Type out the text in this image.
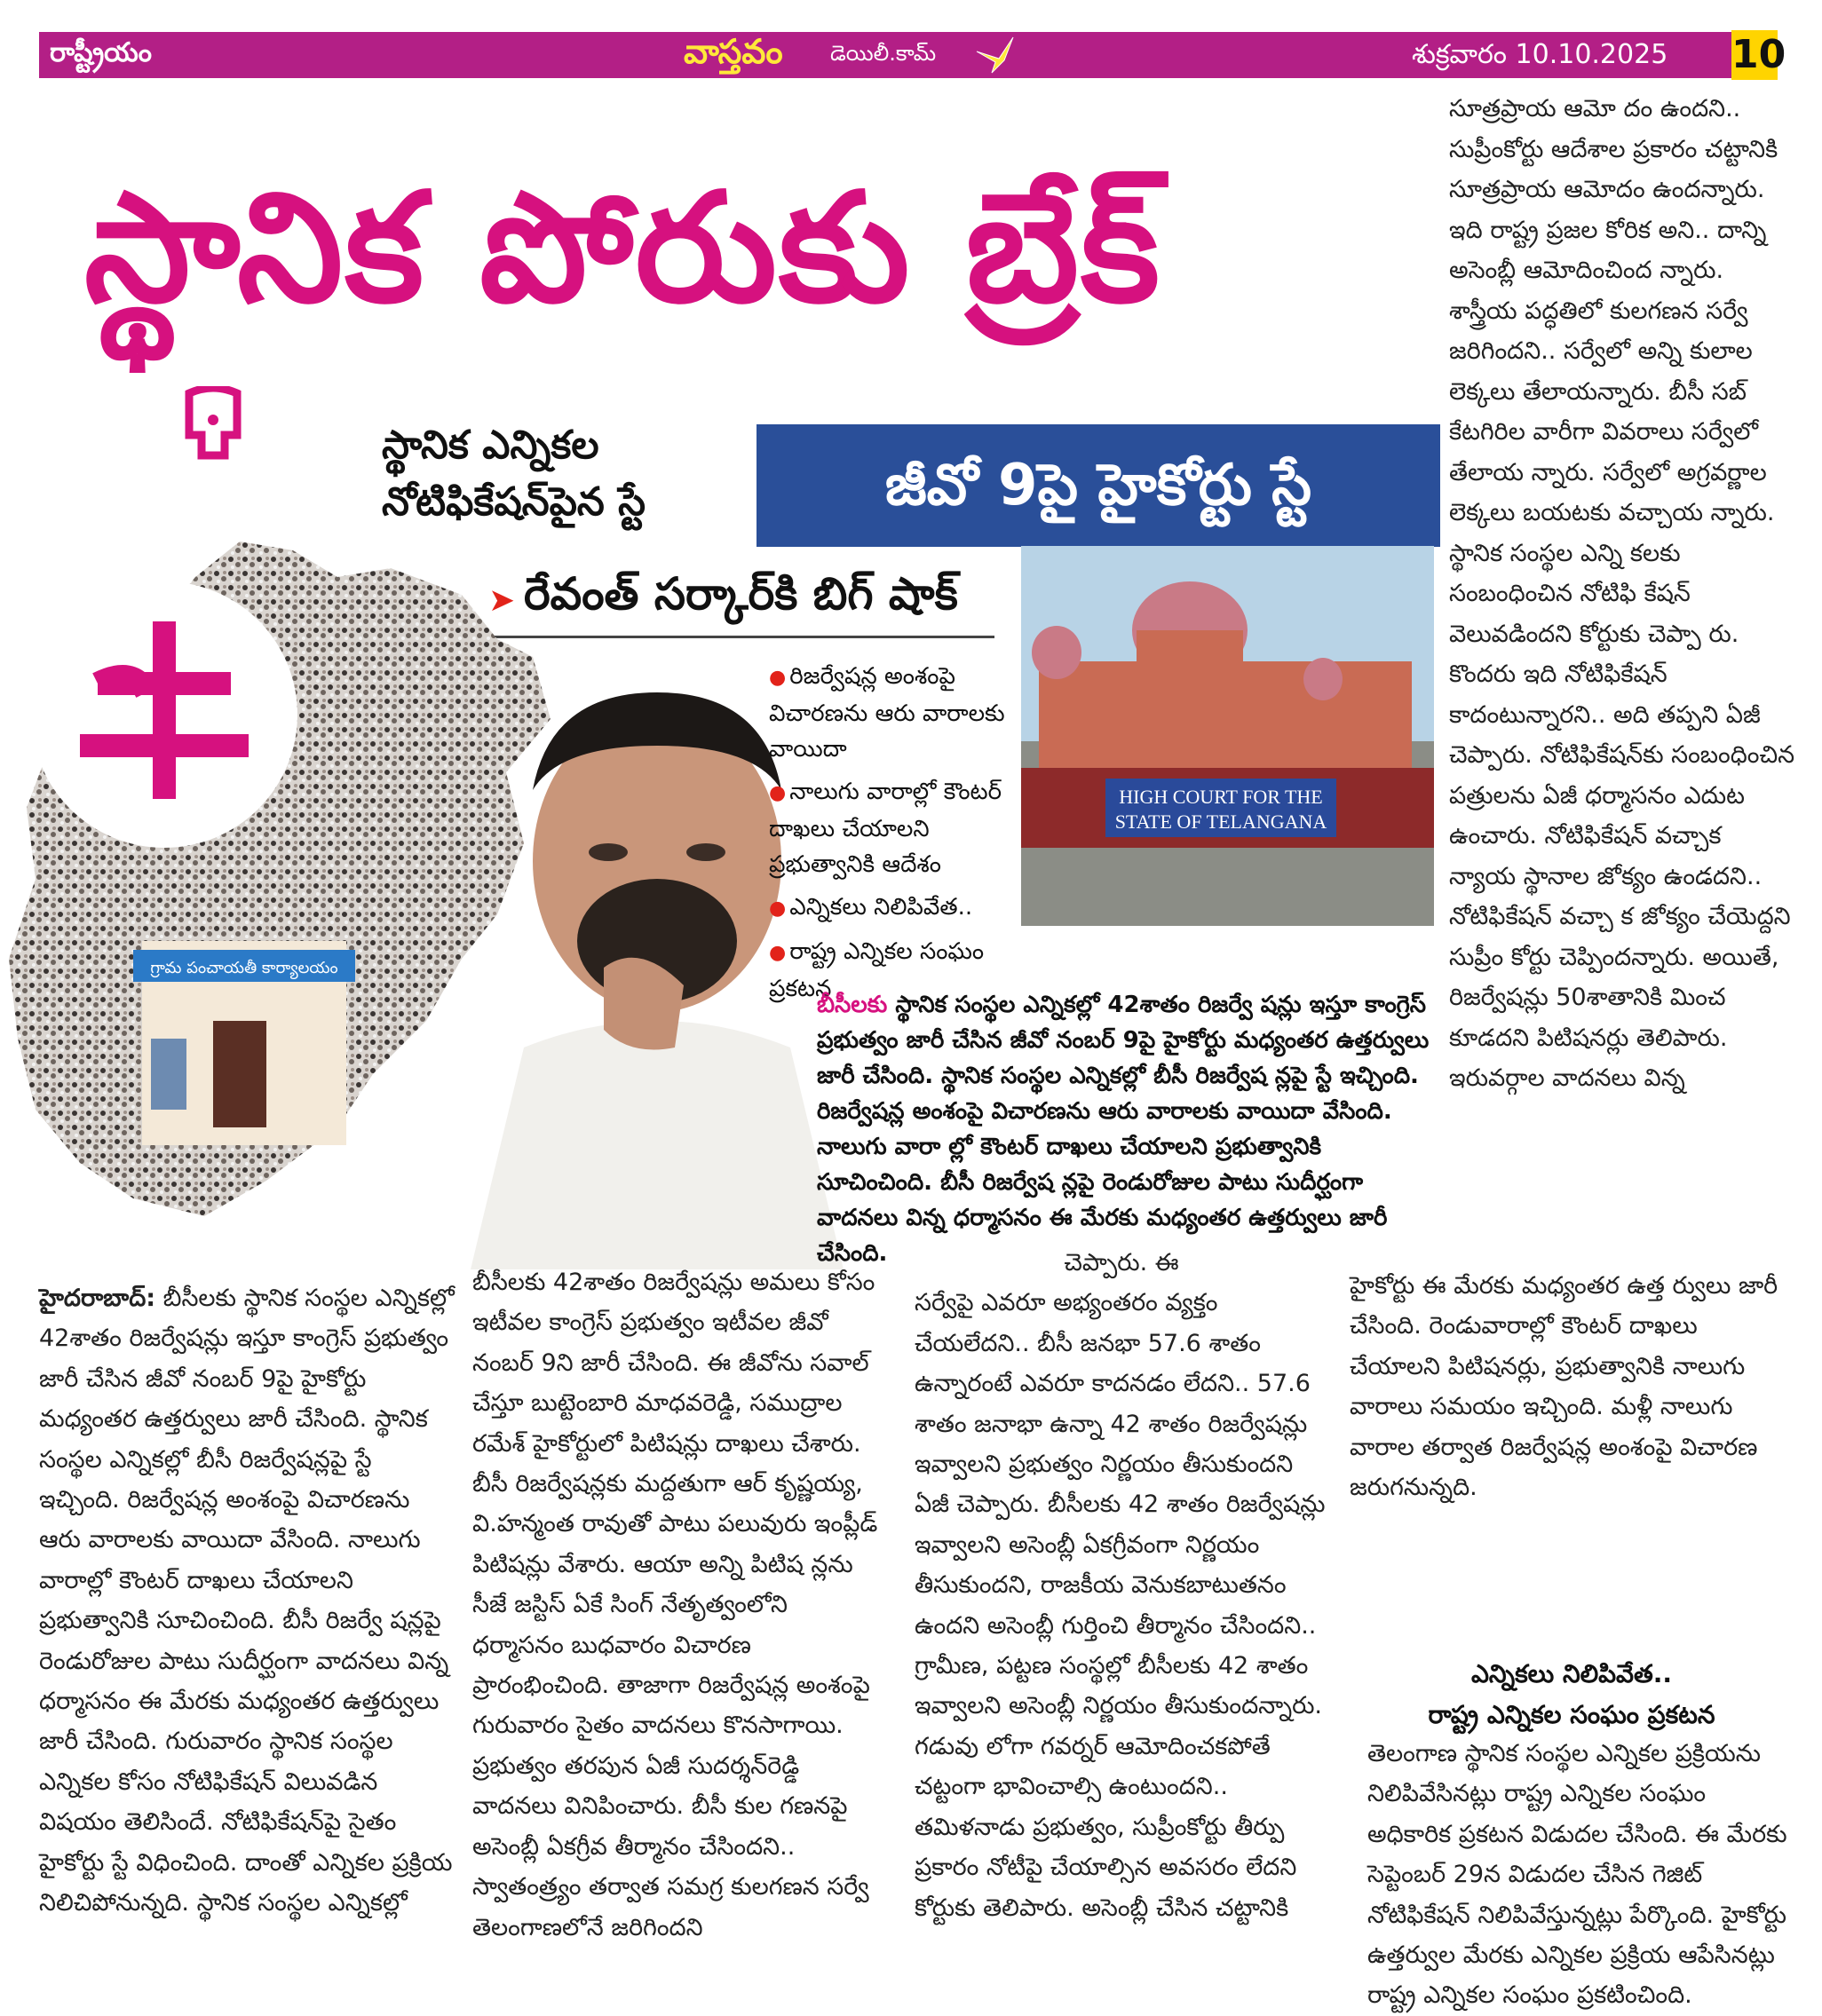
రాష్ట్రీయం	వాస్తవం డెయిలీ.కామ్	శుక్రవారం 10.10.2025 10
స్థానిక పోరుకు బ్రేక్
స్థానిక ఎన్నికల
నోటిఫికేషన్‌పైన స్టే	జీవో 9పై హైకోర్టు స్టే
➤ రేవంత్ సర్కార్‌కి బిగ్ షాక్
గ్రామ పంచాయతీ కార్యాలయం
HIGH COURT FOR THE
STATE OF TELANGANA
● రిజర్వేషన్ల అంశంపై విచారణను ఆరు వారాలకు వాయిదా
● నాలుగు వారాల్లో కౌంటర్ దాఖలు చేయాలని ప్రభుత్వానికి ఆదేశం
● ఎన్నికలు నిలిపివేత..
● రాష్ట్ర ఎన్నికల సంఘం ప్రకటన
బీసీలకు స్థానిక సంస్థల ఎన్నికల్లో 42శాతం రిజర్వే షన్లు ఇస్తూ కాంగ్రెస్ ప్రభుత్వం జారీ చేసిన జీవో నంబర్ 9పై హైకోర్టు మధ్యంతర ఉత్తర్వులు జారీ చేసింది. స్థానిక సంస్థల ఎన్నికల్లో బీసీ రిజర్వేష న్లపై స్టే ఇచ్చింది. రిజర్వేషన్ల అంశంపై విచారణను ఆరు వారాలకు వాయిదా వేసింది. నాలుగు వారా ల్లో కౌంటర్ దాఖలు చేయాలని ప్రభుత్వానికి సూచించింది. బీసీ రిజర్వేష న్లపై రెండురోజుల పాటు సుదీర్ఘంగా వాదనలు విన్న ధర్మాసనం ఈ మేరకు మధ్యంతర ఉత్తర్వులు జారీ చేసింది.
సూత్రప్రాయ ఆమో దం ఉందని.. సుప్రీంకోర్టు ఆదేశాల ప్రకారం చట్టానికి సూత్రప్రాయ ఆమోదం ఉందన్నారు. ఇది రాష్ట్ర ప్రజల కోరిక అని.. దాన్ని అసెంబ్లీ ఆమోదించింద న్నారు. శాస్త్రీయ పద్ధతిలో కులగణన సర్వే జరిగిందని.. సర్వేలో అన్ని కులాల లెక్కలు తేలాయన్నారు. బీసీ సబ్ కేటగిరిల వారీగా వివరాలు సర్వేలో తేలాయ న్నారు. సర్వేలో అగ్రవర్ణాల లెక్కలు బయటకు వచ్చాయ న్నారు. స్థానిక సంస్థల ఎన్ని కలకు సంబంధించిన నోటిఫి కేషన్ వెలువడిందని కోర్టుకు చెప్పా రు. కొందరు ఇది నోటిఫికేషన్ కాదంటున్నారని.. అది తప్పని ఏజీ చెప్పారు. నోటిఫికేషన్‌కు సంబంధించిన పత్రులను ఏజీ ధర్మాసనం ఎదుట ఉంచారు. నోటిఫికేషన్ వచ్చాక న్యాయ స్థానాల జోక్యం ఉండదని.. నోటిఫికేషన్ వచ్చా క జోక్యం చేయెద్దని సుప్రీం కోర్టు చెప్పిందన్నారు. అయితే, రిజర్వేషన్లు 50శాతానికి మించ కూడదని పిటిషనర్లు తెలిపారు. ఇరువర్గాల వాదనలు విన్న
హైదరాబాద్: బీసీలకు స్థానిక సంస్థల ఎన్నికల్లో 42శాతం రిజర్వేషన్లు ఇస్తూ కాంగ్రెస్ ప్రభుత్వం జారీ చేసిన జీవో నంబర్ 9పై హైకోర్టు మధ్యంతర ఉత్తర్వులు జారీ చేసింది. స్థానిక సంస్థల ఎన్నికల్లో బీసీ రిజర్వేషన్లపై స్టే ఇచ్చింది. రిజర్వేషన్ల అంశంపై విచారణను ఆరు వారాలకు వాయిదా వేసింది. నాలుగు వారాల్లో కౌంటర్ దాఖలు చేయాలని ప్రభుత్వానికి సూచించింది. బీసీ రిజర్వే షన్లపై రెండురోజుల పాటు సుదీర్ఘంగా వాదనలు విన్న ధర్మాసనం ఈ మేరకు మధ్యంతర ఉత్తర్వులు జారీ చేసింది. గురువారం స్థానిక సంస్థల ఎన్నికల కోసం నోటిఫికేషన్ విలువడిన విషయం తెలిసిందే. నోటిఫికేషన్‌పై సైతం హైకోర్టు స్టే విధించింది. దాంతో ఎన్నికల ప్రక్రియ నిలిచిపోనున్నది. స్థానిక సంస్థల ఎన్నికల్లో
బీసీలకు 42శాతం రిజర్వేషన్లు అమలు కోసం ఇటీవల కాంగ్రెస్ ప్రభుత్వం ఇటీవల జీవో నంబర్ 9ని జారీ చేసింది. ఈ జీవోను సవాల్ చేస్తూ బుట్టెంబారి మాధవరెడ్డి, సముద్రాల రమేశ్ హైకోర్టులో పిటిషన్లు దాఖలు చేశారు. బీసీ రిజర్వేషన్లకు మద్దతుగా ఆర్ కృష్ణయ్య, వి.హన్మంత రావుతో పాటు పలువురు ఇంప్లీడ్ పిటిషన్లు వేశారు. ఆయా అన్ని పిటిష న్లను సీజే జస్టిస్ ఏకే సింగ్ నేతృత్వంలోని ధర్మాసనం బుధవారం విచారణ ప్రారంభించింది. తాజాగా రిజర్వేషన్ల అంశంపై గురువారం సైతం వాదనలు కొనసాగాయి. ప్రభుత్వం తరపున ఏజీ సుదర్శన్‌రెడ్డి వాదనలు వినిపించారు. బీసీ కుల గణనపై అసెంబ్లీ ఏకగ్రీవ తీర్మానం చేసిందని.. స్వాతంత్ర్యం తర్వాత సమగ్ర కులగణన సర్వే తెలంగాణలోనే జరిగిందని
చెప్పారు. ఈ
సర్వేపై ఎవరూ అభ్యంతరం వ్యక్తం చేయలేదని.. బీసీ జనభా 57.6 శాతం ఉన్నారంటే ఎవరూ కాదనడం లేదని.. 57.6 శాతం జనాభా ఉన్నా 42 శాతం రిజర్వేషన్లు ఇవ్వాలని ప్రభుత్వం నిర్ణయం తీసుకుందని ఏజీ చెప్పారు. బీసీలకు 42 శాతం రిజర్వేషన్లు ఇవ్వాలని అసెంబ్లీ ఏకగ్రీవంగా నిర్ణయం తీసుకుందని, రాజకీయ వెనుకబాటుతనం ఉందని అసెంబ్లీ గుర్తించి తీర్మానం చేసిందని.. గ్రామీణ, పట్టణ సంస్థల్లో బీసీలకు 42 శాతం ఇవ్వాలని అసెంబ్లీ నిర్ణయం తీసుకుందన్నారు. గడువు లోగా గవర్నర్ ఆమోదించకపోతే చట్టంగా భావించాల్సి ఉంటుందని.. తమిళనాడు ప్రభుత్వం, సుప్రీంకోర్టు తీర్పు ప్రకారం నోటీపై చేయాల్సిన అవసరం లేదని కోర్టుకు తెలిపారు. అసెంబ్లీ చేసిన చట్టానికి
హైకోర్టు ఈ మేరకు మధ్యంతర ఉత్త ర్వులు జారీ చేసింది. రెండువారాల్లో కౌంటర్ దాఖలు చేయాలని పిటిషనర్లు, ప్రభుత్వానికి నాలుగు వారాలు సమయం ఇచ్చింది. మళ్లీ నాలుగు వారాల తర్వాత రిజర్వేషన్ల అంశంపై విచారణ జరుగనున్నది.
ఎన్నికలు నిలిపివేత..
రాష్ట్ర ఎన్నికల సంఘం ప్రకటన
తెలంగాణ స్థానిక సంస్థల ఎన్నికల ప్రక్రియను నిలిపివేసినట్లు రాష్ట్ర ఎన్నికల సంఘం అధికారిక ప్రకటన విడుదల చేసింది. ఈ మేరకు సెప్టెంబర్ 29న విడుదల చేసిన గెజిట్ నోటిఫికేషన్ నిలిపివేస్తున్నట్లు పేర్కొంది. హైకోర్టు ఉత్తర్వుల మేరకు ఎన్నికల ప్రక్రియ ఆపేసినట్లు రాష్ట్ర ఎన్నికల సంఘం ప్రకటించింది.
